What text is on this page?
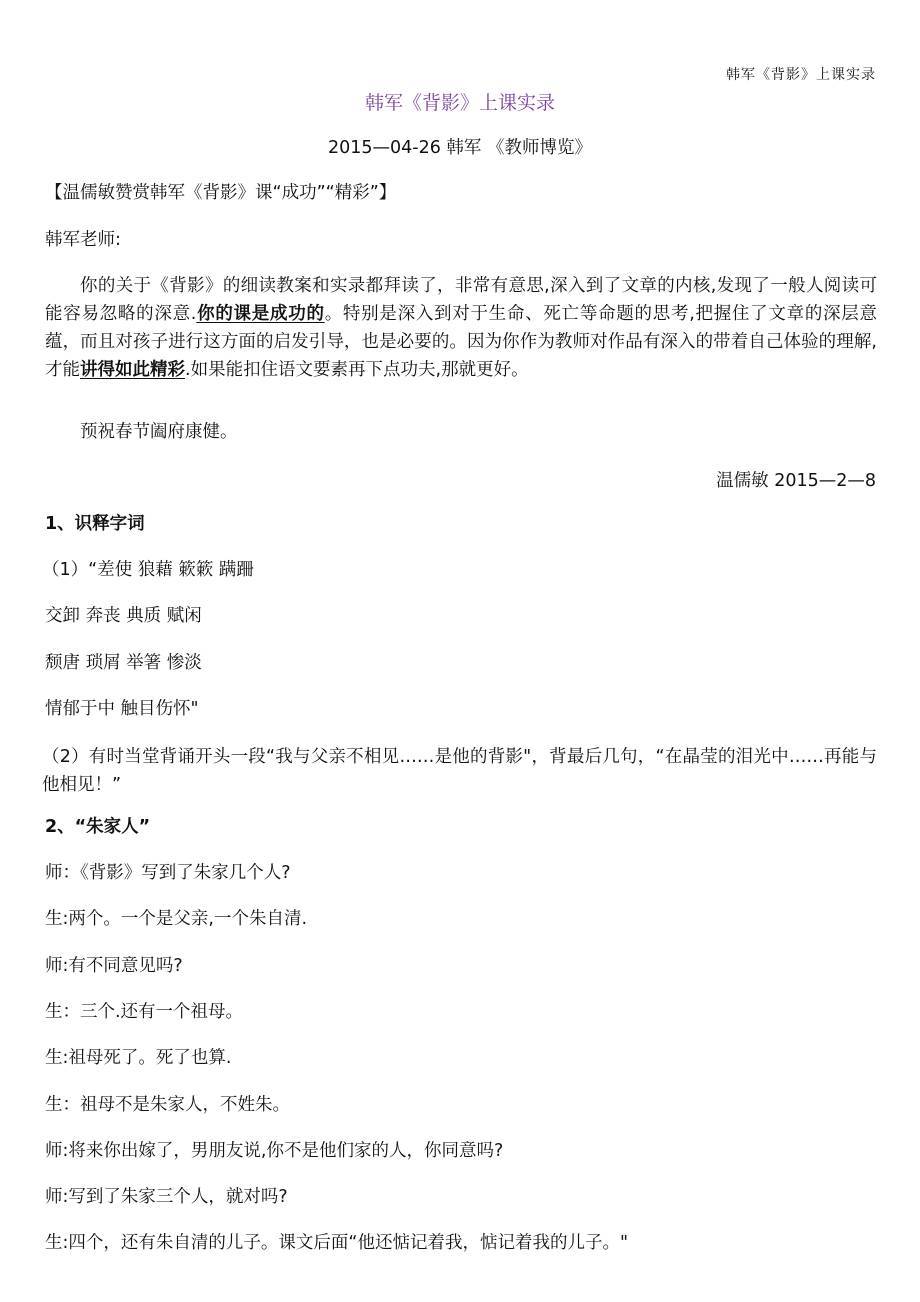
韩军《背影》上课实录
韩军《背影》上课实录
2015—04-26 韩军 《教师博览》
【温儒敏赞赏韩军《背影》课“成功”“精彩”】
韩军老师:
你的关于《背影》的细读教案和实录都拜读了，非常有意思,深入到了文章的内核,发现了一般人阅读可能容易忽略的深意.你的课是成功的。特别是深入到对于生命、死亡等命题的思考,把握住了文章的深层意蕴，而且对孩子进行这方面的启发引导，也是必要的。因为你作为教师对作品有深入的带着自己体验的理解,才能讲得如此精彩.如果能扣住语文要素再下点功夫,那就更好。
预祝春节阖府康健。
温儒敏 2015—2—8
1、识释字词
（1）“差使 狼藉 簌簌 蹒跚
交卸 奔丧 典质 赋闲
颓唐 琐屑 举箸 惨淡
情郁于中 触目伤怀"
（2）有时当堂背诵开头一段“我与父亲不相见……是他的背影"，背最后几句，“在晶莹的泪光中……再能与他相见！”
2、“朱家人”
师：《背影》写到了朱家几个人?
生:两个。一个是父亲,一个朱自清.
师:有不同意见吗?
生：三个.还有一个祖母。
生:祖母死了。死了也算.
生：祖母不是朱家人，不姓朱。
师:将来你出嫁了，男朋友说,你不是他们家的人，你同意吗?
师:写到了朱家三个人，就对吗?
生:四个，还有朱自清的儿子。课文后面“他还惦记着我，惦记着我的儿子。"
